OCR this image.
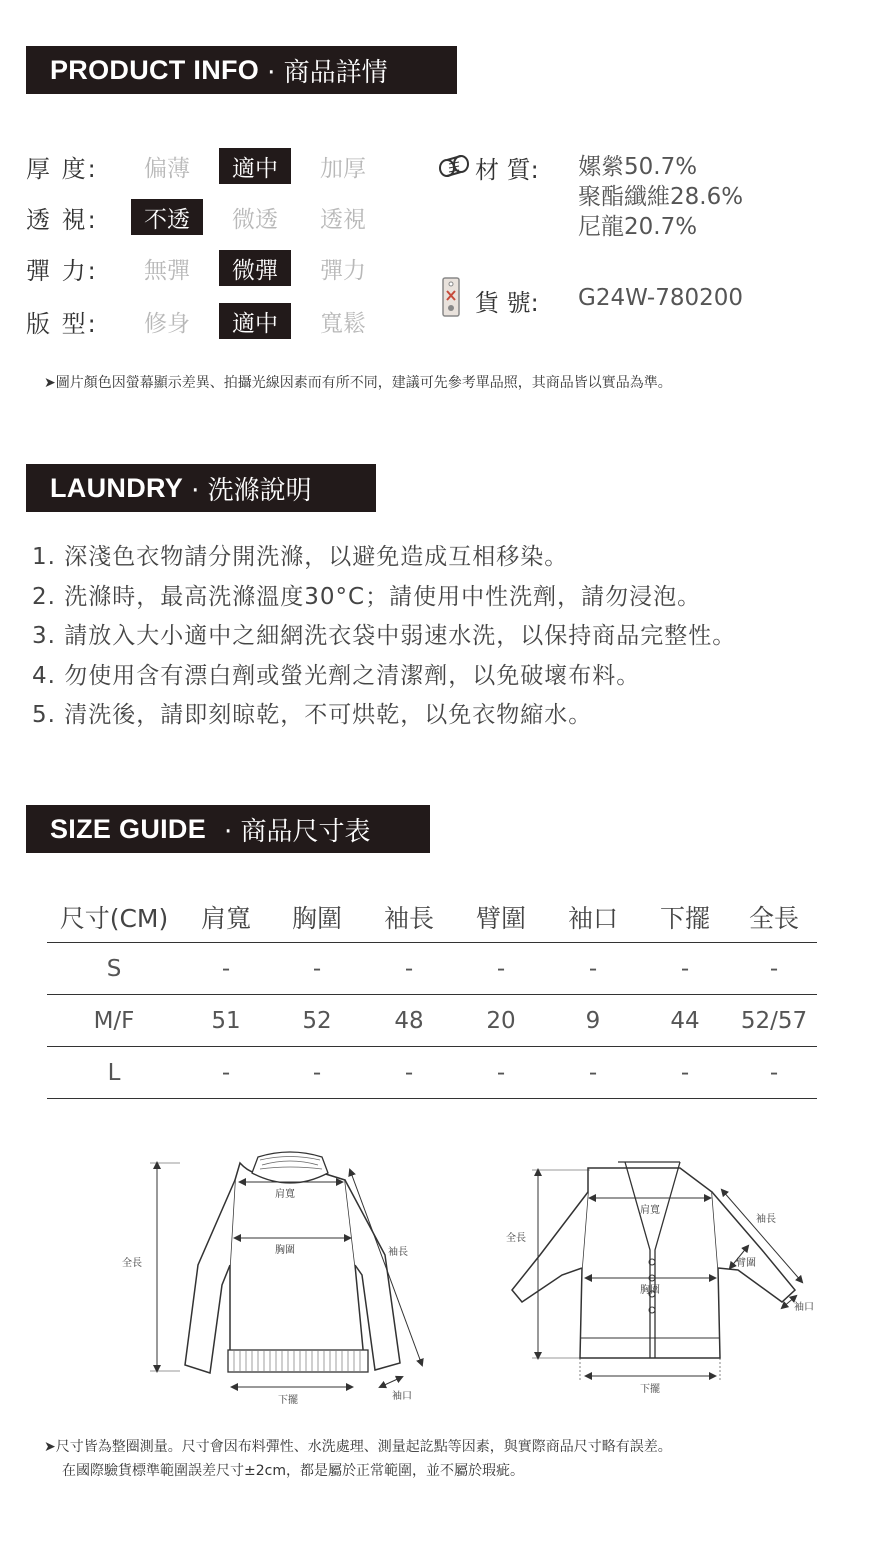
PRODUCT INFO · 商品詳情
厚 度:	偏薄	適中	加厚
透 視:	不透	微透	透視
彈 力:	無彈	微彈	彈力
版 型:	修身	適中	寬鬆
材 質: 嫘縈50.7%
聚酯纖維28.6%
尼龍20.7%
貨 號: G24W-780200
➤圖片顏色因螢幕顯示差異、拍攝光線因素而有所不同，建議可先參考單品照，其商品皆以實品為準。
LAUNDRY · 洗滌說明
1. 深淺色衣物請分開洗滌，以避免造成互相移染。
2. 洗滌時，最高洗滌溫度30°C；請使用中性洗劑，請勿浸泡。
3. 請放入大小適中之細網洗衣袋中弱速水洗，以保持商品完整性。
4. 勿使用含有漂白劑或螢光劑之清潔劑，以免破壞布料。
5. 清洗後，請即刻晾乾，不可烘乾，以免衣物縮水。
SIZE GUIDE · 商品尺寸表
尺寸(CM)	肩寬	胸圍	袖長	臂圍	袖口	下擺	全長
S	-	-	-	-	-	-	-
M/F	51	52	48	20	9	44	52/57
L	-	-	-	-	-	-	-
全長
肩寬
胸圍	袖長
下擺	袖口
全長
肩寬
胸圍
袖長
臂圍
袖口
下擺
➤尺寸皆為整圈測量。尺寸會因布料彈性、水洗處理、測量起訖點等因素，與實際商品尺寸略有誤差。
在國際驗貨標準範圍誤差尺寸±2cm，都是屬於正常範圍，並不屬於瑕疵。
